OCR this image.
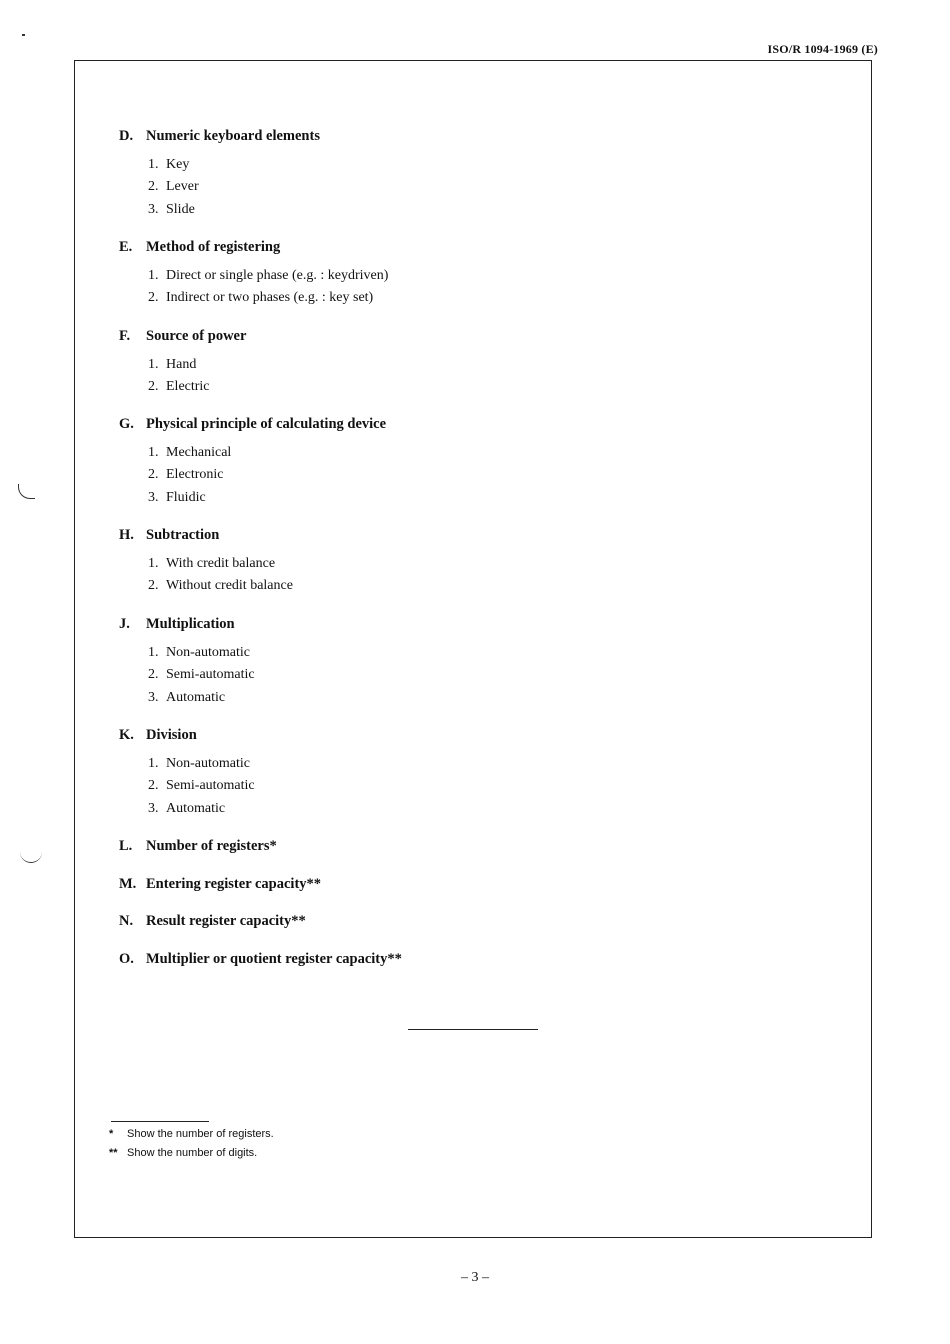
ISO/R 1094-1969 (E)
D. Numeric keyboard elements
1. Key
2. Lever
3. Slide
E. Method of registering
1. Direct or single phase (e.g. : keydriven)
2. Indirect or two phases (e.g. : key set)
F. Source of power
1. Hand
2. Electric
G. Physical principle of calculating device
1. Mechanical
2. Electronic
3. Fluidic
H. Subtraction
1. With credit balance
2. Without credit balance
J. Multiplication
1. Non-automatic
2. Semi-automatic
3. Automatic
K. Division
1. Non-automatic
2. Semi-automatic
3. Automatic
L. Number of registers*
M. Entering register capacity**
N. Result register capacity**
O. Multiplier or quotient register capacity**
* Show the number of registers.
** Show the number of digits.
– 3 –
